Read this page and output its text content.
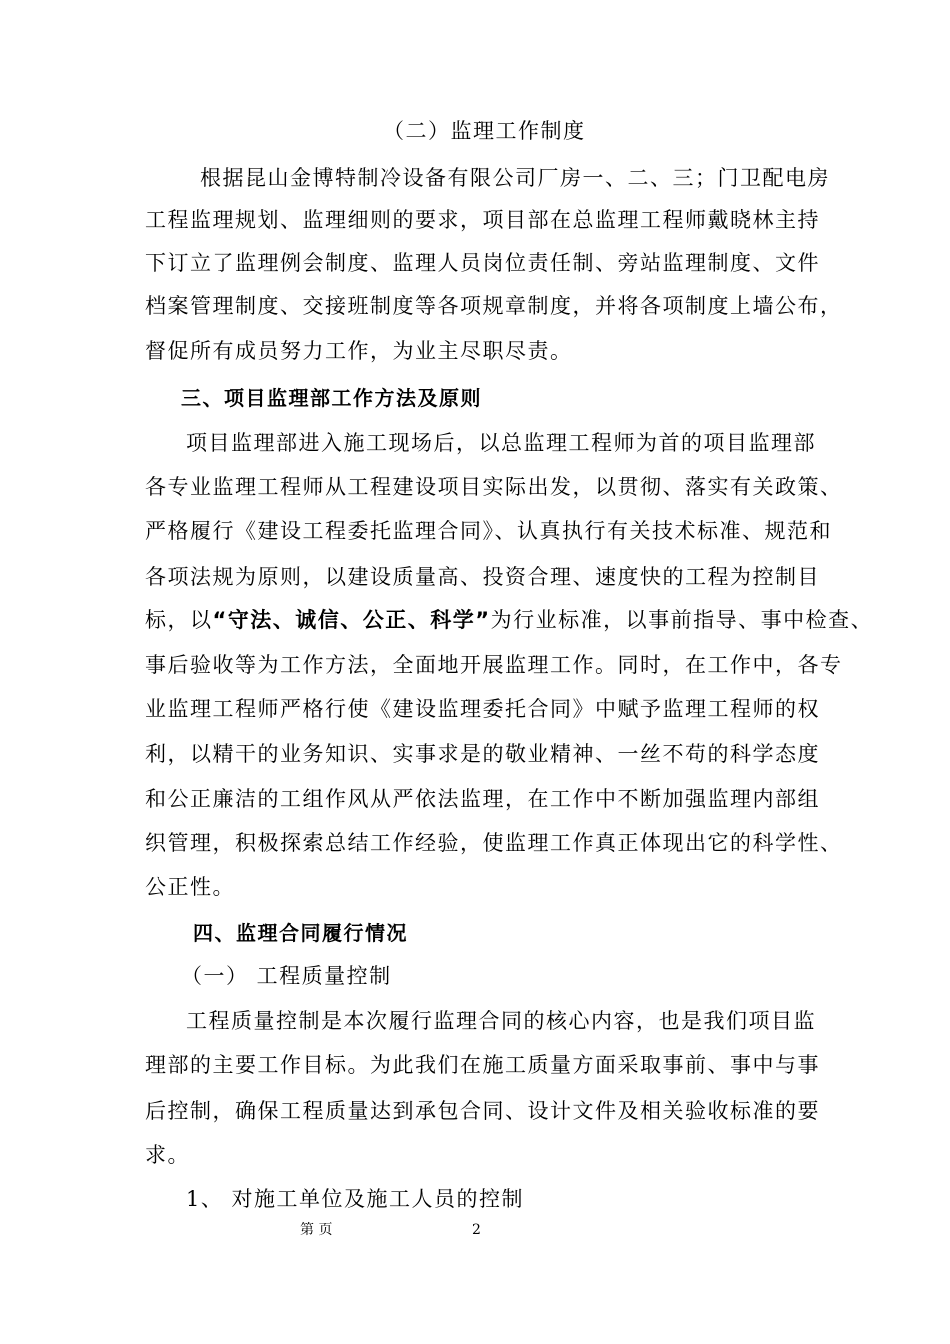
（二）监理工作制度
根据昆山金博特制冷设备有限公司厂房一、二、三；门卫配电房
工程监理规划、监理细则的要求，项目部在总监理工程师戴晓林主持
下订立了监理例会制度、监理人员岗位责任制、旁站监理制度、文件
档案管理制度、交接班制度等各项规章制度，并将各项制度上墙公布，
督促所有成员努力工作，为业主尽职尽责。
三、项目监理部工作方法及原则
项目监理部进入施工现场后，以总监理工程师为首的项目监理部
各专业监理工程师从工程建设项目实际出发，以贯彻、落实有关政策、
严格履行《建设工程委托监理合同》、认真执行有关技术标准、规范和
各项法规为原则，以建设质量高、投资合理、速度快的工程为控制目
标，以“守法、诚信、公正、科学”为行业标准，以事前指导、事中检查、
事后验收等为工作方法，全面地开展监理工作。同时，在工作中，各专
业监理工程师严格行使《建设监理委托合同》中赋予监理工程师的权
利，以精干的业务知识、实事求是的敬业精神、一丝不苟的科学态度
和公正廉洁的工组作风从严依法监理，在工作中不断加强监理内部组
织管理，积极探索总结工作经验，使监理工作真正体现出它的科学性、
公正性。
四、监理合同履行情况
（一） 工程质量控制
工程质量控制是本次履行监理合同的核心内容，也是我们项目监
理部的主要工作目标。为此我们在施工质量方面采取事前、事中与事
后控制，确保工程质量达到承包合同、设计文件及相关验收标准的要
求。
1、 对施工单位及施工人员的控制
第 页	2
